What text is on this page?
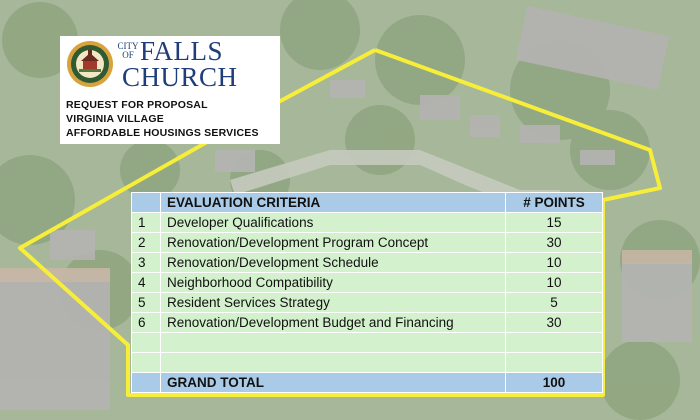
CITY
OF FALLS
CHURCH
REQUEST FOR PROPOSAL
VIRGINIA VILLAGE
AFFORDABLE HOUSINGS SERVICES
	EVALUATION CRITERIA	# POINTS
1	Developer Qualifications	15
2	Renovation/Development Program Concept	30
3	Renovation/Development Schedule	10
4	Neighborhood Compatibility	10
5	Resident Services Strategy	5
6	Renovation/Development Budget and Financing	30

	GRAND TOTAL	100
